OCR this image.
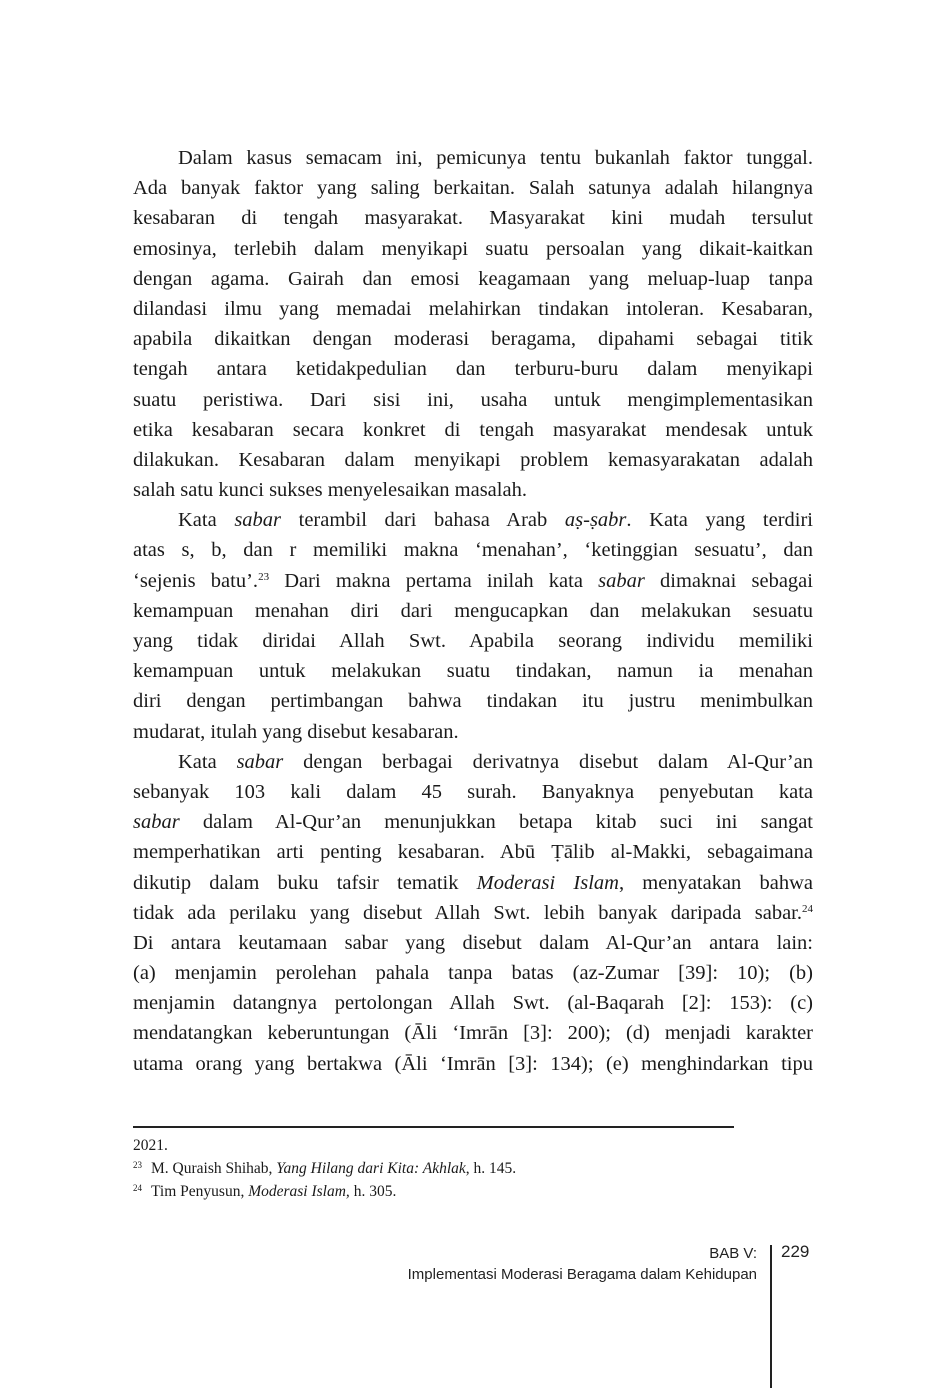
Dalam kasus semacam ini, pemicunya tentu bukanlah faktor tunggal.
Ada banyak faktor yang saling berkaitan. Salah satunya adalah hilangnya
kesabaran di tengah masyarakat. Masyarakat kini mudah tersulut
emosinya, terlebih dalam menyikapi suatu persoalan yang dikait-kaitkan
dengan agama. Gairah dan emosi keagamaan yang meluap-luap tanpa
dilandasi ilmu yang memadai melahirkan tindakan intoleran. Kesabaran,
apabila dikaitkan dengan moderasi beragama, dipahami sebagai titik
tengah antara ketidakpedulian dan terburu-buru dalam menyikapi
suatu peristiwa. Dari sisi ini, usaha untuk mengimplementasikan
etika kesabaran secara konkret di tengah masyarakat mendesak untuk
dilakukan. Kesabaran dalam menyikapi problem kemasyarakatan adalah
salah satu kunci sukses menyelesaikan masalah.
Kata sabar terambil dari bahasa Arab aṣ-ṣabr. Kata yang terdiri
atas s, b, dan r memiliki makna ‘menahan’, ‘ketinggian sesuatu’, dan
‘sejenis batu’.$^{23}$ Dari makna pertama inilah kata sabar dimaknai sebagai
kemampuan menahan diri dari mengucapkan dan melakukan sesuatu
yang tidak diridai Allah Swt. Apabila seorang individu memiliki
kemampuan untuk melakukan suatu tindakan, namun ia menahan
diri dengan pertimbangan bahwa tindakan itu justru menimbulkan
mudarat, itulah yang disebut kesabaran.
Kata sabar dengan berbagai derivatnya disebut dalam Al-Qur’an
sebanyak 103 kali dalam 45 surah. Banyaknya penyebutan kata
sabar dalam Al-Qur’an menunjukkan betapa kitab suci ini sangat
memperhatikan arti penting kesabaran. Abū Ṭālib al-Makki, sebagaimana
dikutip dalam buku tafsir tematik Moderasi Islam, menyatakan bahwa
tidak ada perilaku yang disebut Allah Swt. lebih banyak daripada sabar.$^{24}$
Di antara keutamaan sabar yang disebut dalam Al-Qur’an antara lain:
(a) menjamin perolehan pahala tanpa batas (az-Zumar [39]: 10); (b)
menjamin datangnya pertolongan Allah Swt. (al-Baqarah [2]: 153): (c)
mendatangkan keberuntungan (Āli ‘Imrān [3]: 200); (d) menjadi karakter
utama orang yang bertakwa (Āli ‘Imrān [3]: 134); (e) menghindarkan tipu
2021.
23 M. Quraish Shihab, Yang Hilang dari Kita: Akhlak, h. 145.
24 Tim Penyusun, Moderasi Islam, h. 305.
BAB V:
Implementasi Moderasi Beragama dalam Kehidupan
229
